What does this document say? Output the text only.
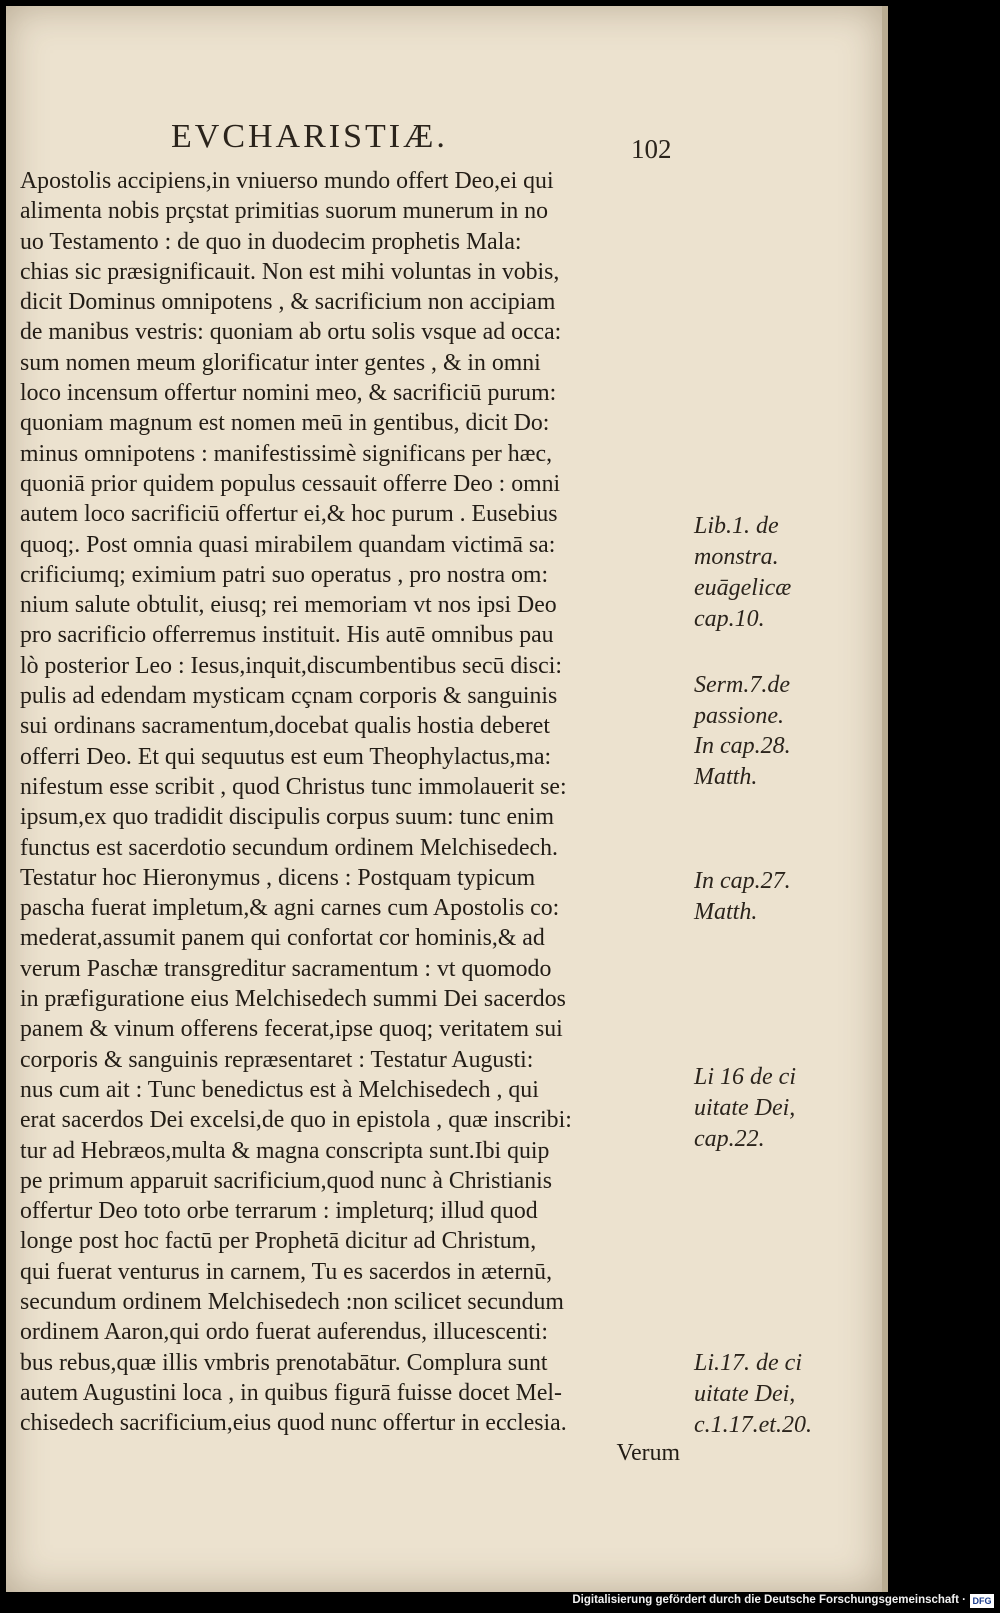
EVCHARISTIÆ.	102
Apostolis accipiens,in vniuerso mundo offert Deo,ei qui
alimenta nobis prçstat primitias suorum munerum in no
uo Testamento : de quo in duodecim prophetis Mala:
chias sic præsignificauit. Non est mihi voluntas in vobis,
dicit Dominus omnipotens , & sacrificium non accipiam
de manibus vestris: quoniam ab ortu solis vsque ad occa:
sum nomen meum glorificatur inter gentes , & in omni
loco incensum offertur nomini meo, & sacrificiū purum:
quoniam magnum est nomen meū in gentibus, dicit Do:
minus omnipotens : manifestissimè significans per hæc,
quoniā prior quidem populus cessauit offerre Deo : omni
autem loco sacrificiū offertur ei,& hoc purum . Eusebius
quoq;. Post omnia quasi mirabilem quandam victimā sa:
crificiumq; eximium patri suo operatus , pro nostra om:
nium salute obtulit, eiusq; rei memoriam vt nos ipsi Deo
pro sacrificio offerremus instituit. His autē omnibus pau
lò posterior Leo : Iesus,inquit,discumbentibus secū disci:
pulis ad edendam mysticam cçnam corporis & sanguinis
sui ordinans sacramentum,docebat qualis hostia deberet
offerri Deo. Et qui sequutus est eum Theophylactus,ma:
nifestum esse scribit , quod Christus tunc immolauerit se:
ipsum,ex quo tradidit discipulis corpus suum: tunc enim
functus est sacerdotio secundum ordinem Melchisedech.
Testatur hoc Hieronymus , dicens : Postquam typicum
pascha fuerat impletum,& agni carnes cum Apostolis co:
mederat,assumit panem qui confortat cor hominis,& ad
verum Paschæ transgreditur sacramentum : vt quomodo
in præfiguratione eius Melchisedech summi Dei sacerdos
panem & vinum offerens fecerat,ipse quoq; veritatem sui
corporis & sanguinis repræsentaret : Testatur Augusti:
nus cum ait : Tunc benedictus est à Melchisedech , qui
erat sacerdos Dei excelsi,de quo in epistola , quæ inscribi:
tur ad Hebræos,multa & magna conscripta sunt.Ibi quip
pe primum apparuit sacrificium,quod nunc à Christianis
offertur Deo toto orbe terrarum : impleturq; illud quod
longe post hoc factū per Prophetā dicitur ad Christum,
qui fuerat venturus in carnem, Tu es sacerdos in æternū,
secundum ordinem Melchisedech :non scilicet secundum
ordinem Aaron,qui ordo fuerat auferendus, illucescenti:
bus rebus,quæ illis vmbris prenotabātur. Complura sunt
autem Augustini loca , in quibus figurā fuisse docet Mel-
chisedech sacrificium,eius quod nunc offertur in ecclesia.
Verum
Lib.1. de
monstra.
euāgelicæ
cap.10.
Serm.7.de
passione.
In cap.28.
Matth.
In cap.27.
Matth.
Li 16 de ci
uitate Dei,
cap.22.
Li.17. de ci
uitate Dei,
c.1.17.et.20.
Digitalisierung gefördert durch die Deutsche Forschungsgemeinschaft · DFG
